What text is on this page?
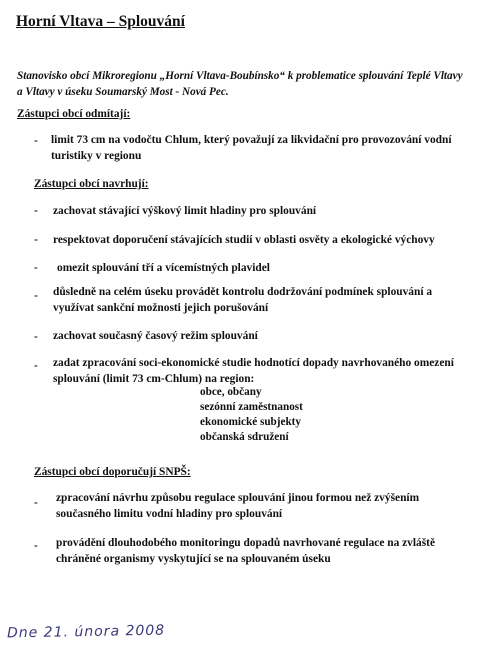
Horní Vltava – Splouvání
Stanovisko obcí Mikroregionu „Horní Vltava-Boubínsko“ k problematice splouvání Teplé Vltavy a Vltavy v úseku Soumarský Most - Nová Pec.
Zástupci obcí odmítají:
- limit 73 cm na vodočtu Chlum, který považují za likvidační pro provozování vodní turistiky v regionu
Zástupci obcí navrhují:
- zachovat stávající výškový limit hladiny pro splouvání
- respektovat doporučení stávajících studií v oblasti osvěty a ekologické výchovy
- omezit splouvání tří a vícemístných plavidel
- důsledně na celém úseku provádět kontrolu dodržování podmínek splouvání a využívat sankční možnosti jejich porušování
- zachovat současný časový režim splouvání
- zadat zpracování soci-ekonomické studie hodnotící dopady navrhovaného omezení splouvání (limit 73 cm-Chlum) na region:
obce, občany
sezónní zaměstnanost
ekonomické subjekty
občanská sdružení
Zástupci obcí doporučují SNPŠ:
- zpracování návrhu způsobu regulace splouvání jinou formou než zvýšením současného limitu vodní hladiny pro splouvání
- provádění dlouhodobého monitoringu dopadů navrhované regulace na zvláště chráněné organismy vyskytující se na splouvaném úseku
Dne 21. února 2008
